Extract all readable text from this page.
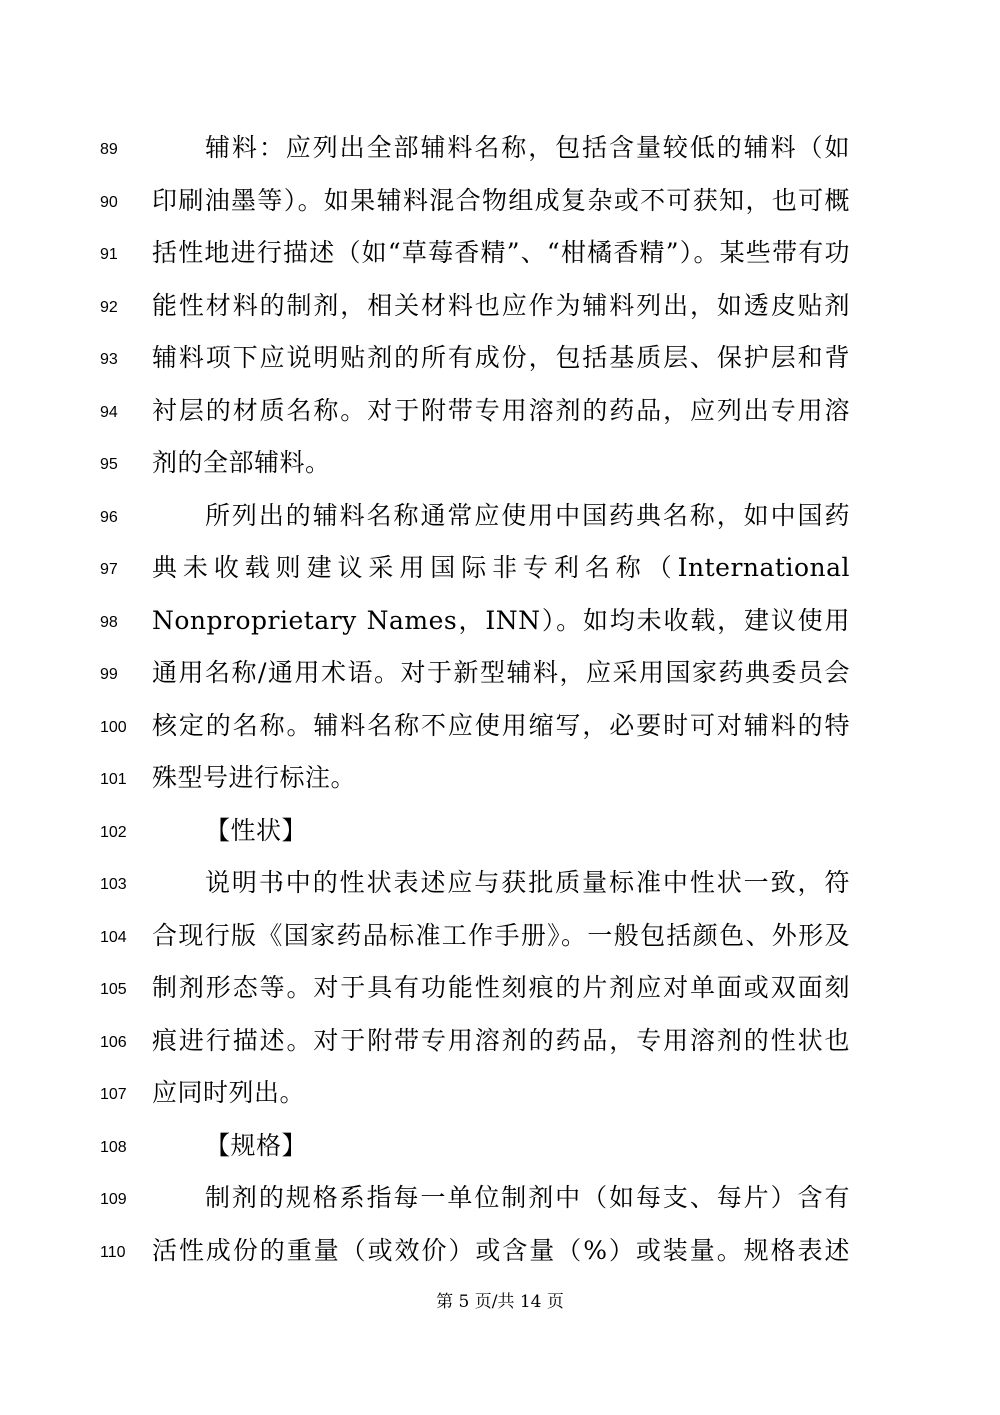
89	辅料：应列出全部辅料名称，包括含量较低的辅料（如
90	印刷油墨等）。如果辅料混合物组成复杂或不可获知，也可概
91	括性地进行描述（如“草莓香精”、“柑橘香精”）。某些带有功
92	能性材料的制剂，相关材料也应作为辅料列出，如透皮贴剂
93	辅料项下应说明贴剂的所有成份，包括基质层、保护层和背
94	衬层的材质名称。对于附带专用溶剂的药品，应列出专用溶
95	剂的全部辅料。
96	所列出的辅料名称通常应使用中国药典名称，如中国药
97	典未收载则建议采用国际非专利名称（International
98	Nonproprietary Names，INN）。如均未收载，建议使用
99	通用名称/通用术语。对于新型辅料，应采用国家药典委员会
100	核定的名称。辅料名称不应使用缩写，必要时可对辅料的特
101	殊型号进行标注。
102	【性状】
103	说明书中的性状表述应与获批质量标准中性状一致，符
104	合现行版《国家药品标准工作手册》。一般包括颜色、外形及
105	制剂形态等。对于具有功能性刻痕的片剂应对单面或双面刻
106	痕进行描述。对于附带专用溶剂的药品，专用溶剂的性状也
107	应同时列出。
108	【规格】
109	制剂的规格系指每一单位制剂中（如每支、每片）含有
110	活性成份的重量（或效价）或含量（%）或装量。规格表述
第 5 页/共 14 页
